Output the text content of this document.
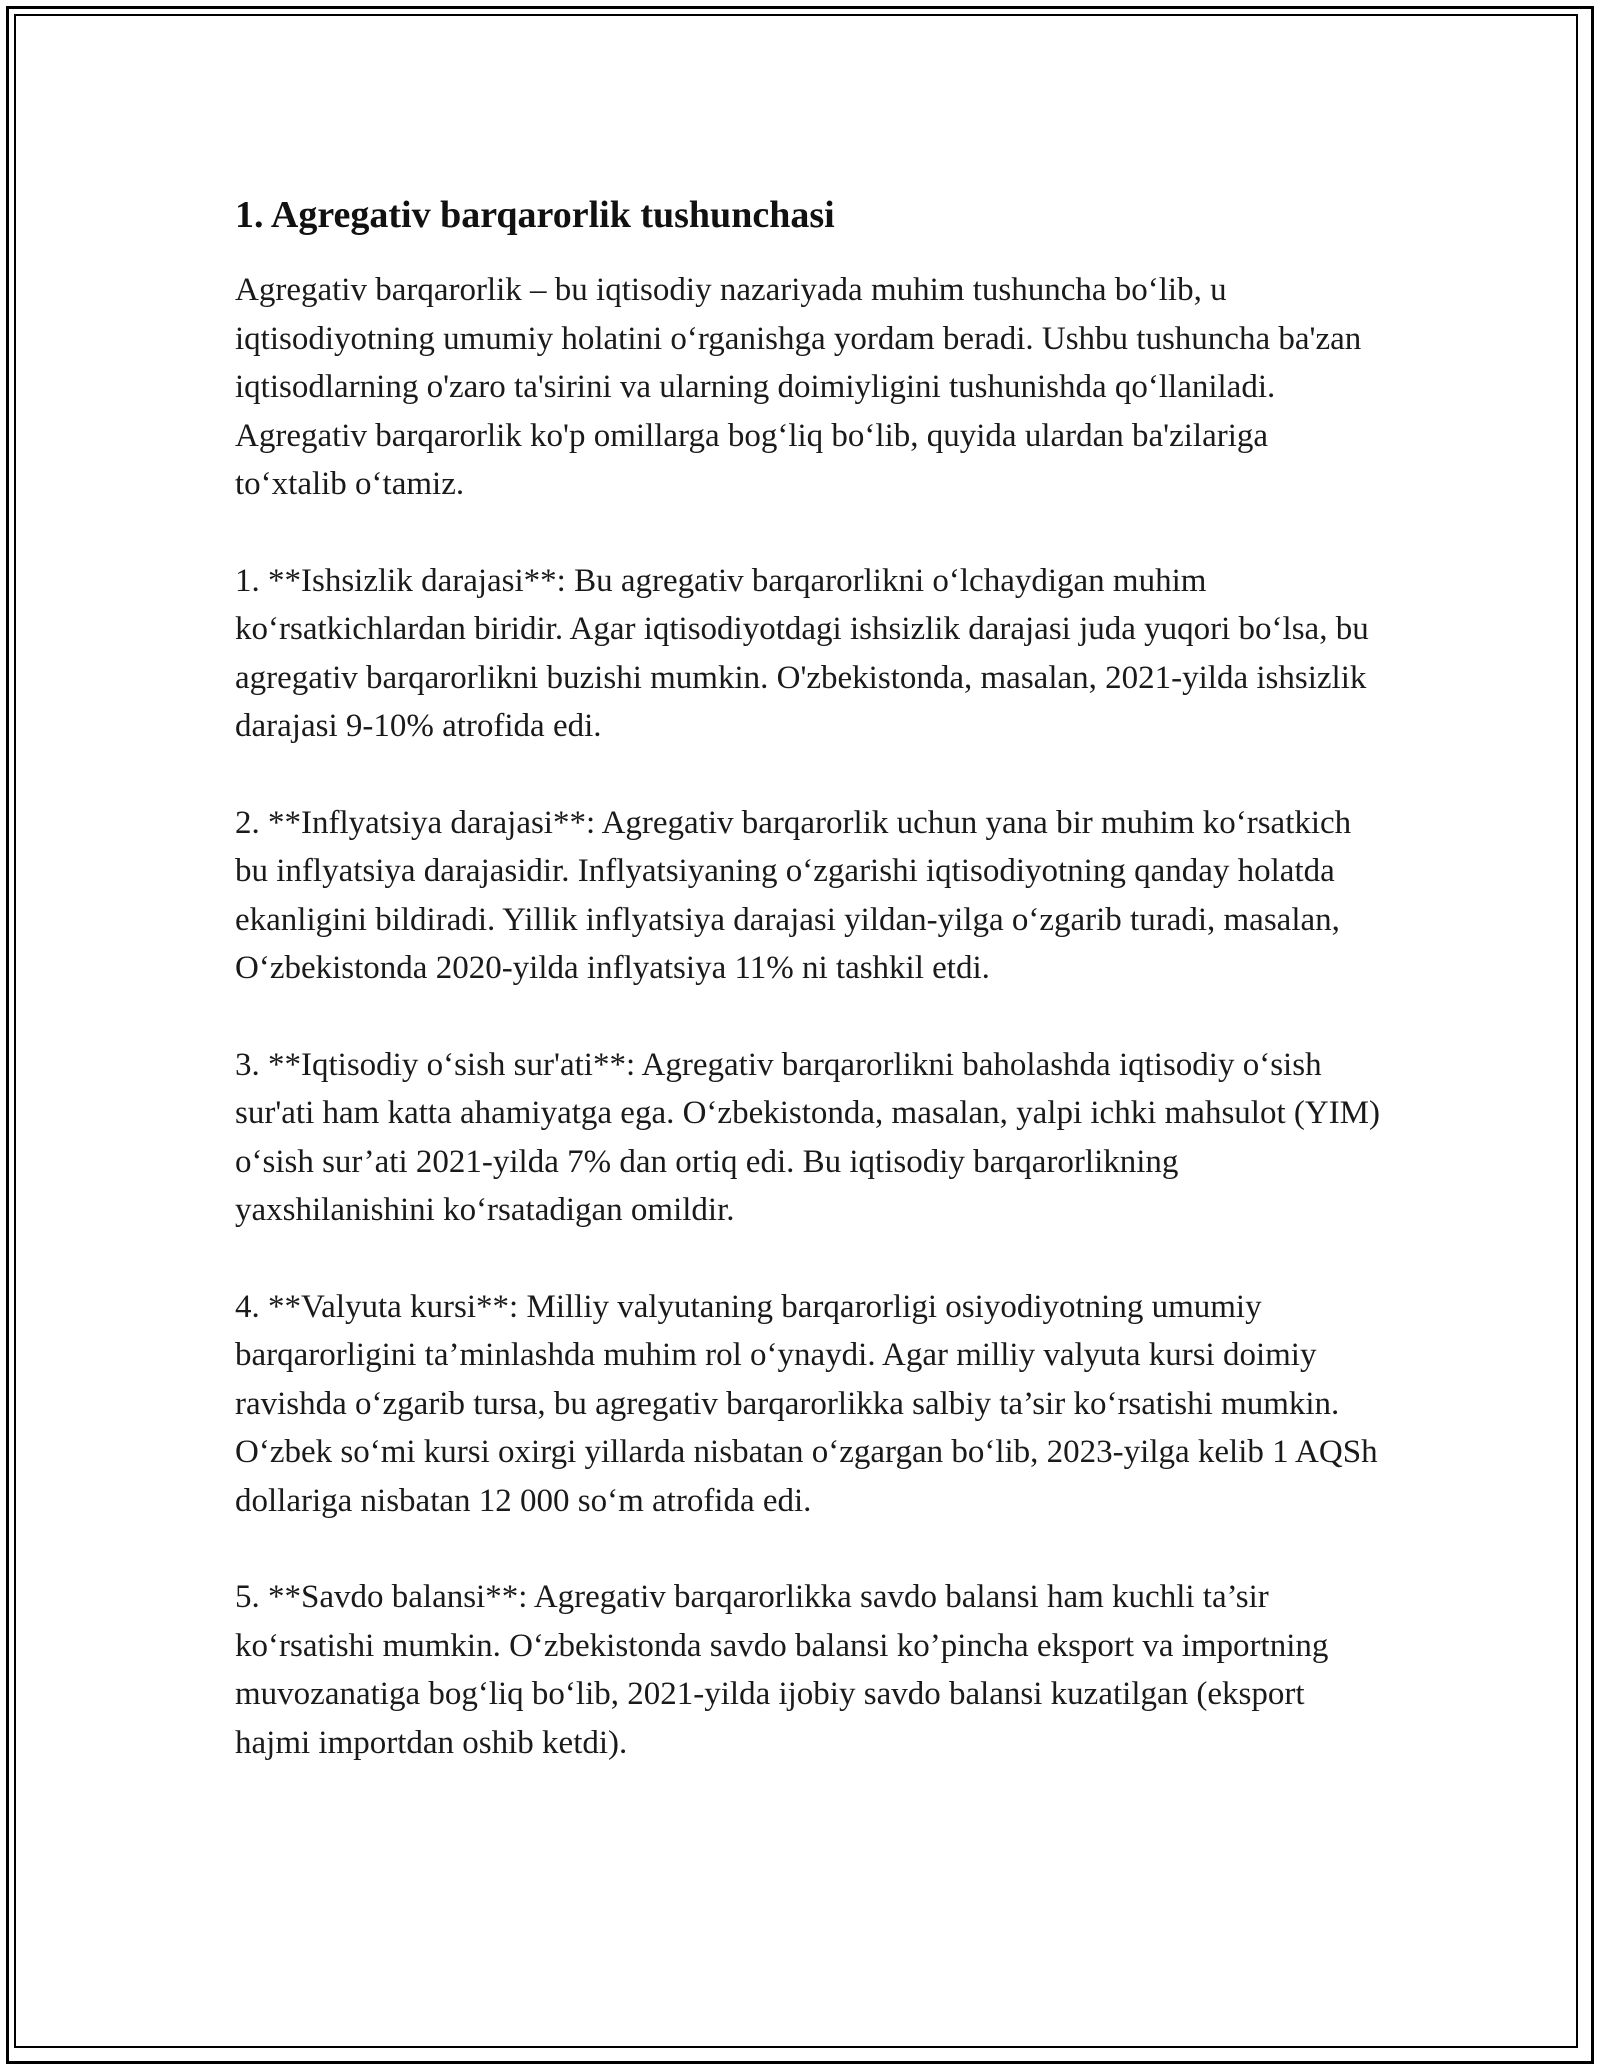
1. Agregativ barqarorlik tushunchasi

Agregativ barqarorlik – bu iqtisodiy nazariyada muhim tushuncha bo‘lib, u iqtisodiyotning umumiy holatini o‘rganishga yordam beradi. Ushbu tushuncha ba'zan iqtisodlarning o'zaro ta'sirini va ularning doimiyligini tushunishda qo‘llaniladi. Agregativ barqarorlik ko'p omillarga bog‘liq bo‘lib, quyida ulardan ba'zilariga to‘xtalib o‘tamiz.

1. **Ishsizlik darajasi**: Bu agregativ barqarorlikni o‘lchaydigan muhim ko‘rsatkichlardan biridir. Agar iqtisodiyotdagi ishsizlik darajasi juda yuqori bo‘lsa, bu agregativ barqarorlikni buzishi mumkin. O'zbekistonda, masalan, 2021-yilda ishsizlik darajasi 9-10% atrofida edi.

2. **Inflyatsiya darajasi**: Agregativ barqarorlik uchun yana bir muhim ko‘rsatkich bu inflyatsiya darajasidir. Inflyatsiyaning o‘zgarishi iqtisodiyotning qanday holatda ekanligini bildiradi. Yillik inflyatsiya darajasi yildan-yilga o‘zgarib turadi, masalan, O‘zbekistonda 2020-yilda inflyatsiya 11% ni tashkil etdi.

3. **Iqtisodiy o‘sish sur'ati**: Agregativ barqarorlikni baholashda iqtisodiy o‘sish sur'ati ham katta ahamiyatga ega. O‘zbekistonda, masalan, yalpi ichki mahsulot (YIM) o‘sish sur’ati 2021-yilda 7% dan ortiq edi. Bu iqtisodiy barqarorlikning yaxshilanishini ko‘rsatadigan omildir.

4. **Valyuta kursi**: Milliy valyutaning barqarorligi osiyodiyotning umumiy barqarorligini ta’minlashda muhim rol o‘ynaydi. Agar milliy valyuta kursi doimiy ravishda o‘zgarib tursa, bu agregativ barqarorlikka salbiy ta’sir ko‘rsatishi mumkin. O‘zbek so‘mi kursi oxirgi yillarda nisbatan o‘zgargan bo‘lib, 2023-yilga kelib 1 AQSh dollariga nisbatan 12 000 so‘m atrofida edi.

5. **Savdo balansi**: Agregativ barqarorlikka savdo balansi ham kuchli ta’sir ko‘rsatishi mumkin. O‘zbekistonda savdo balansi ko’pincha eksport va importning muvozanatiga bog‘liq bo‘lib, 2021-yilda ijobiy savdo balansi kuzatilgan (eksport hajmi importdan oshib ketdi).
